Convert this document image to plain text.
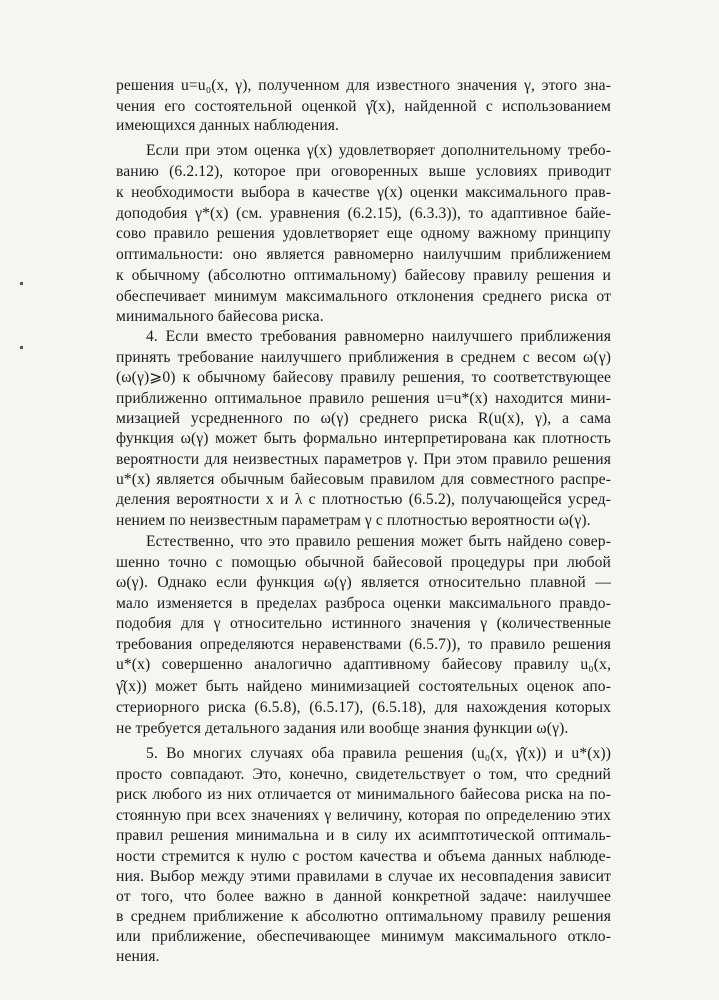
решения u=u₀(x, γ), полученном для известного значения γ, этого зна-
чения его состоятельной оценкой γ̂(x), найденной с использованием
имеющихся данных наблюдения.
Если при этом оценка γ(x) удовлетворяет дополнительному требо-
ванию (6.2.12), которое при оговоренных выше условиях приводит
к необходимости выбора в качестве γ(x) оценки максимального прав-
доподобия γ*(x) (см. уравнения (6.2.15), (6.3.3)), то адаптивное байе-
сово правило решения удовлетворяет еще одному важному принципу
оптимальности: оно является равномерно наилучшим приближением
к обычному (абсолютно оптимальному) байесову правилу решения и
обеспечивает минимум максимального отклонения среднего риска от
минимального байесова риска.
4. Если вместо требования равномерно наилучшего приближения
принять требование наилучшего приближения в среднем с весом ω(γ)
(ω(γ)⩾0) к обычному байесову правилу решения, то соответствующее
приближенно оптимальное правило решения u=u*(x) находится мини-
мизацией усредненного по ω(γ) среднего риска R(u(x), γ), а сама
функция ω(γ) может быть формально интерпретирована как плотность
вероятности для неизвестных параметров γ. При этом правило решения
u*(x) является обычным байесовым правилом для совместного распре-
деления вероятности x и λ с плотностью (6.5.2), получающейся усред-
нением по неизвестным параметрам γ с плотностью вероятности ω(γ).
Естественно, что это правило решения может быть найдено совер-
шенно точно с помощью обычной байесовой процедуры при любой
ω(γ). Однако если функция ω(γ) является относительно плавной —
мало изменяется в пределах разброса оценки максимального правдо-
подобия для γ относительно истинного значения γ (количественные
требования определяются неравенствами (6.5.7)), то правило решения
u*(x) совершенно аналогично адаптивному байесову правилу u₀(x,
γ̂(x)) может быть найдено минимизацией состоятельных оценок апо-
стериорного риска (6.5.8), (6.5.17), (6.5.18), для нахождения которых
не требуется детального задания или вообще знания функции ω(γ).
5. Во многих случаях оба правила решения (u₀(x, γ̂(x)) и u*(x))
просто совпадают. Это, конечно, свидетельствует о том, что средний
риск любого из них отличается от минимального байесова риска на по-
стоянную при всех значениях γ величину, которая по определению этих
правил решения минимальна и в силу их асимптотической оптималь-
ности стремится к нулю с ростом качества и объема данных наблюде-
ния. Выбор между этими правилами в случае их несовпадения зависит
от того, что более важно в данной конкретной задаче: наилучшее
в среднем приближение к абсолютно оптимальному правилу решения
или приближение, обеспечивающее минимум максимального откло-
нения.
